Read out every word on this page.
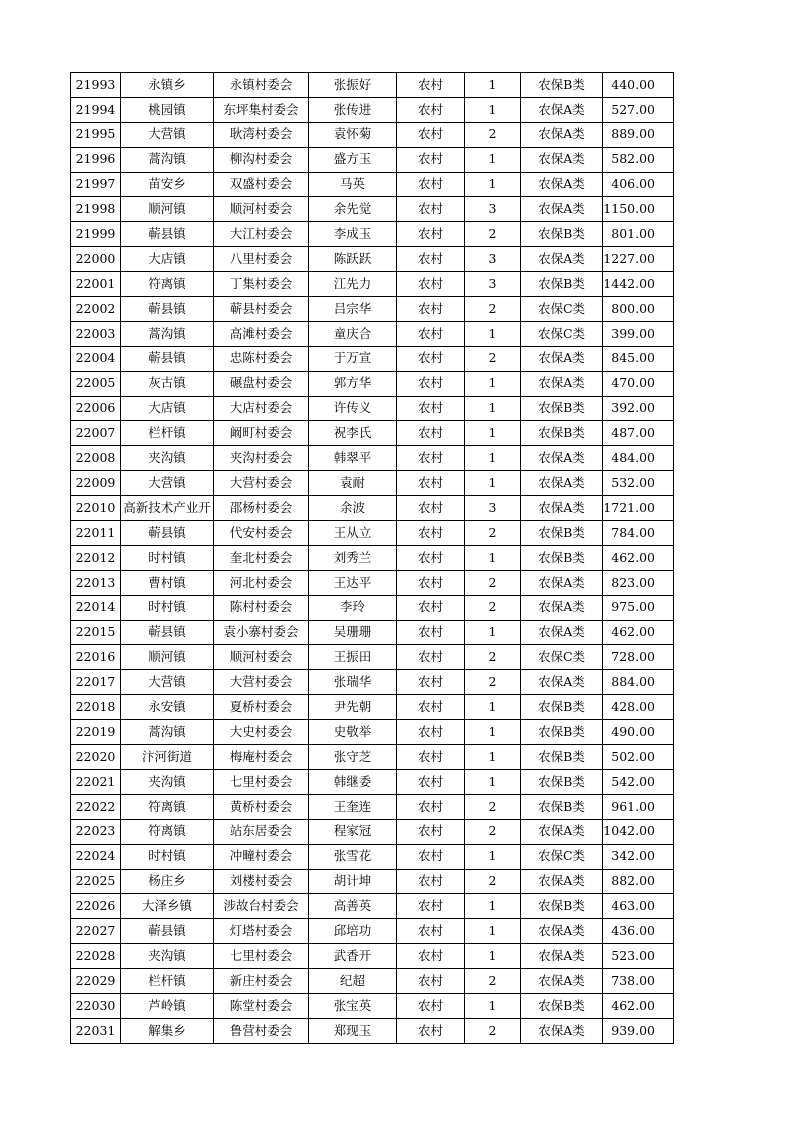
21993	永镇乡	永镇村委会	张振好	农村	1	农保B类	440.00
21994	桃园镇	东坪集村委会	张传进	农村	1	农保A类	527.00
21995	大营镇	耿湾村委会	袁怀菊	农村	2	农保A类	889.00
21996	蒿沟镇	柳沟村委会	盛方玉	农村	1	农保A类	582.00
21997	苗安乡	双盛村委会	马英	农村	1	农保A类	406.00
21998	顺河镇	顺河村委会	余先觉	农村	3	农保A类	1150.00
21999	蕲县镇	大江村委会	李成玉	农村	2	农保B类	801.00
22000	大店镇	八里村委会	陈跃跃	农村	3	农保A类	1227.00
22001	符离镇	丁集村委会	江先力	农村	3	农保B类	1442.00
22002	蕲县镇	蕲县村委会	吕宗华	农村	2	农保C类	800.00
22003	蒿沟镇	高滩村委会	童庆合	农村	1	农保C类	399.00
22004	蕲县镇	忠陈村委会	于万宣	农村	2	农保A类	845.00
22005	灰古镇	碾盘村委会	郭方华	农村	1	农保A类	470.00
22006	大店镇	大店村委会	许传义	农村	1	农保B类	392.00
22007	栏杆镇	阚町村委会	祝李氏	农村	1	农保B类	487.00
22008	夹沟镇	夹沟村委会	韩翠平	农村	1	农保A类	484.00
22009	大营镇	大营村委会	袁耐	农村	1	农保A类	532.00
22010	高新技术产业开	邵杨村委会	余波	农村	3	农保A类	1721.00
22011	蕲县镇	代安村委会	王从立	农村	2	农保B类	784.00
22012	时村镇	奎北村委会	刘秀兰	农村	1	农保B类	462.00
22013	曹村镇	河北村委会	王达平	农村	2	农保A类	823.00
22014	时村镇	陈村村委会	李玲	农村	2	农保A类	975.00
22015	蕲县镇	袁小寨村委会	吴珊珊	农村	1	农保A类	462.00
22016	顺河镇	顺河村委会	王振田	农村	2	农保C类	728.00
22017	大营镇	大营村委会	张瑞华	农村	2	农保A类	884.00
22018	永安镇	夏桥村委会	尹先朝	农村	1	农保B类	428.00
22019	蒿沟镇	大史村委会	史敬举	农村	1	农保B类	490.00
22020	汴河街道	梅庵村委会	张守芝	农村	1	农保B类	502.00
22021	夹沟镇	七里村委会	韩继委	农村	1	农保B类	542.00
22022	符离镇	黄桥村委会	王奎连	农村	2	农保B类	961.00
22023	符离镇	站东居委会	程家冠	农村	2	农保A类	1042.00
22024	时村镇	冲疃村委会	张雪花	农村	1	农保C类	342.00
22025	杨庄乡	刘楼村委会	胡计坤	农村	2	农保A类	882.00
22026	大泽乡镇	涉故台村委会	高善英	农村	1	农保B类	463.00
22027	蕲县镇	灯塔村委会	邱培功	农村	1	农保A类	436.00
22028	夹沟镇	七里村委会	武香开	农村	1	农保A类	523.00
22029	栏杆镇	新庄村委会	纪超	农村	2	农保A类	738.00
22030	芦岭镇	陈堂村委会	张宝英	农村	1	农保B类	462.00
22031	解集乡	鲁营村委会	郑现玉	农村	2	农保A类	939.00
